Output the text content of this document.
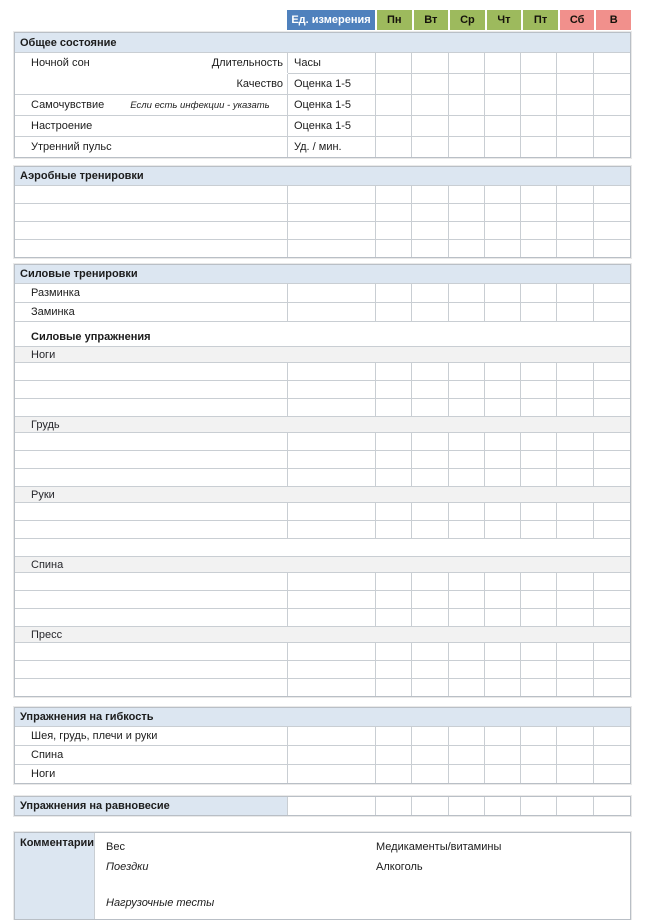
Ед. измерения	Пн	Вт	Ср	Чт	Пт	Сб	В
Общее состояние
Ночной сон	Длительность Часы
Качество Оценка 1-5
Самочувствие	Если есть инфекции - указать Оценка 1-5
Настроение	Оценка 1-5
Утренний пульс	Уд. / мин.
Аэробные тренировки
Силовые тренировки
Разминка
Заминка
Силовые упражнения
Ноги
Грудь
Руки
Спина
Пресс
Упражнения на гибкость
Шея, грудь, плечи и руки
Спина
Ноги
Упражнения на равновесие
Комментарии Вес
Поездки
Нагрузочные тесты
Медикаменты/витамины
Алкоголь
